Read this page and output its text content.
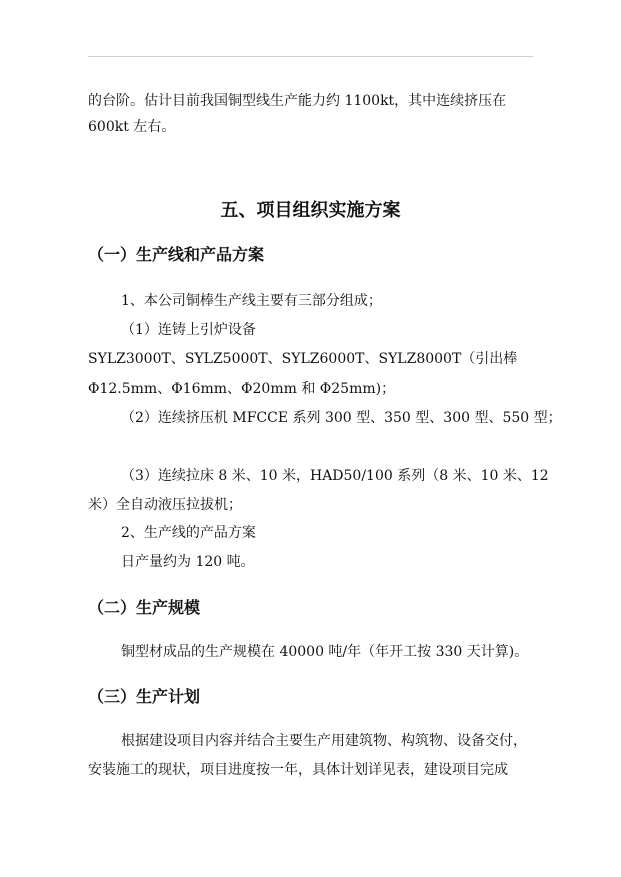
的台阶。估计目前我国铜型线生产能力约 1100kt，其中连续挤压在
600kt 左右。
五、项目组织实施方案
（一）生产线和产品方案
1、本公司铜棒生产线主要有三部分组成；
（1）连铸上引炉设备
SYLZ3000T、SYLZ5000T、SYLZ6000T、SYLZ8000T（引出棒
Φ12.5mm、Φ16mm、Φ20mm 和 Φ25mm)；
（2）连续挤压机 MFCCE 系列 300 型、350 型、300 型、550 型；
（3）连续拉床 8 米、10 米，HAD50/100 系列（8 米、10 米、12
米）全自动液压拉拔机；
2、生产线的产品方案
日产量约为 120 吨。
（二）生产规模
铜型材成品的生产规模在 40000 吨/年（年开工按 330 天计算)。
（三）生产计划
根据建设项目内容并结合主要生产用建筑物、构筑物、设备交付，
安装施工的现状，项目进度按一年，具体计划详见表，建设项目完成
